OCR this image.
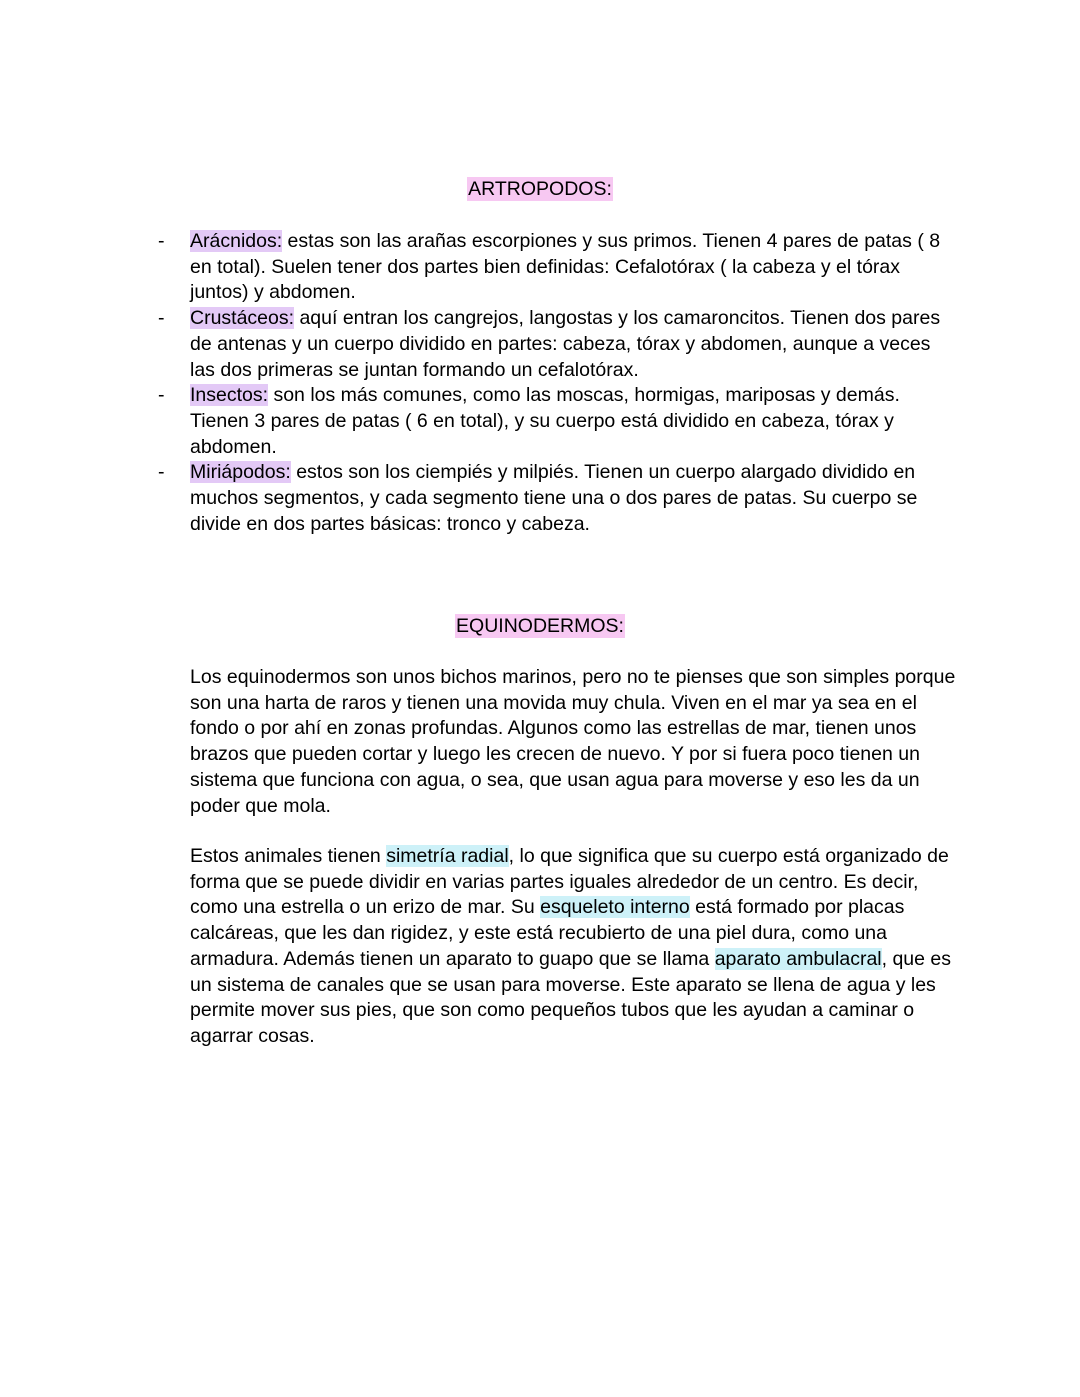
ARTROPODOS:
- Arácnidos: estas son las arañas escorpiones y sus primos. Tienen 4 pares de patas ( 8 en total). Suelen tener dos partes bien definidas: Cefalotórax ( la cabeza y el tórax juntos) y abdomen.
- Crustáceos: aquí entran los cangrejos, langostas y los camaroncitos. Tienen dos pares de antenas y un cuerpo dividido en partes: cabeza, tórax y abdomen, aunque a veces las dos primeras se juntan formando un cefalotórax.
- Insectos: son los más comunes, como las moscas, hormigas, mariposas y demás. Tienen 3 pares de patas ( 6 en total), y su cuerpo está dividido en cabeza, tórax y abdomen.
- Miriápodos: estos son los ciempiés y milpiés. Tienen un cuerpo alargado dividido en muchos segmentos, y cada segmento tiene una o dos pares de patas. Su cuerpo se divide en dos partes básicas: tronco y cabeza.
EQUINODERMOS:

Los equinodermos son unos bichos marinos, pero no te pienses que son simples porque son una harta de raros y tienen una movida muy chula. Viven en el mar ya sea en el fondo o por ahí en zonas profundas. Algunos como las estrellas de mar, tienen unos brazos que pueden cortar y luego les crecen de nuevo. Y por si fuera poco tienen un sistema que funciona con agua, o sea, que usan agua para moverse y eso les da un poder que mola.

Estos animales tienen simetría radial, lo que significa que su cuerpo está organizado de forma que se puede dividir en varias partes iguales alrededor de un centro. Es decir, como una estrella o un erizo de mar. Su esqueleto interno está formado por placas calcáreas, que les dan rigidez, y este está recubierto de una piel dura, como una armadura. Además tienen un aparato to guapo que se llama aparato ambulacral, que es un sistema de canales que se usan para moverse. Este aparato se llena de agua y les permite mover sus pies, que son como pequeños tubos que les ayudan a caminar o agarrar cosas.
